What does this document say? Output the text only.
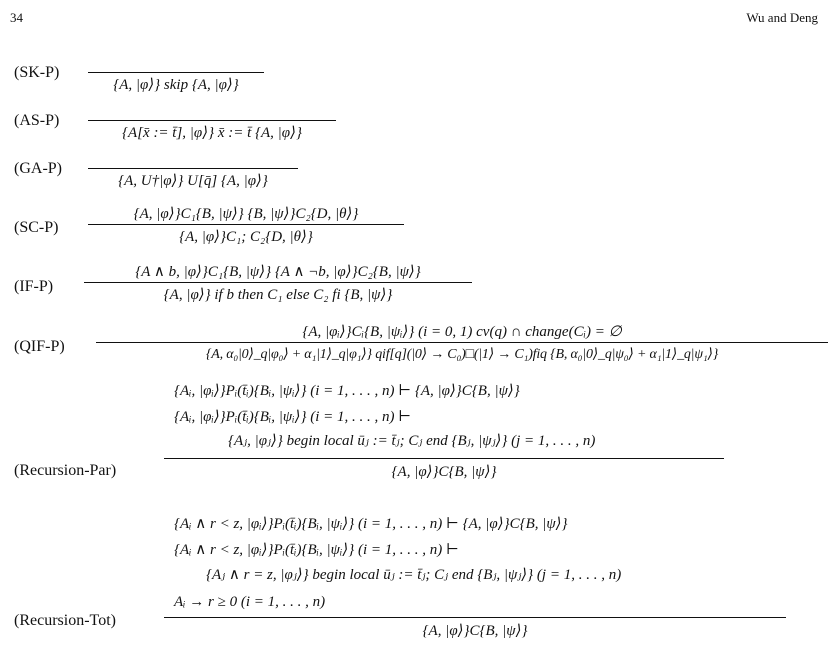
34	Wu and Deng
(SK-P)
{A, |φ⟩} skip {A, |φ⟩}
(AS-P)
{A[x̄ := t̄], |φ⟩} x̄ := t̄ {A, |φ⟩}
(GA-P)
{A, U†|φ⟩} U[q̄] {A, |φ⟩}
(SC-P)
{A, |φ⟩}C₁{B, |ψ⟩} {B, |ψ⟩}C₂{D, |θ⟩}
{A, |φ⟩}C₁; C₂{D, |θ⟩}
(IF-P)
{A ∧ b, |φ⟩}C₁{B, |ψ⟩} {A ∧ ¬b, |φ⟩}C₂{B, |ψ⟩}
{A, |φ⟩} if b then C₁ else C₂ fi {B, |ψ⟩}
(QIF-P)
{A, |φᵢ⟩}Cᵢ{B, |ψᵢ⟩} (i = 0, 1) cv(q) ∩ change(Cᵢ) = ∅
{A, α₀|0⟩_q|φ₀⟩ + α₁|1⟩_q|φ₁⟩} qif[q](|0⟩ → C₀)□(|1⟩ → C₁)fiq {B, α₀|0⟩_q|ψ₀⟩ + α₁|1⟩_q|ψ₁⟩}
(Recursion-Par)
{Aᵢ, |φᵢ⟩}Pᵢ(t̄ᵢ){Bᵢ, |ψᵢ⟩} (i = 1, . . . , n) ⊢ {A, |φ⟩}C{B, |ψ⟩}
{Aᵢ, |φᵢ⟩}Pᵢ(t̄ᵢ){Bᵢ, |ψᵢ⟩} (i = 1, . . . , n) ⊢
{Aⱼ, |φⱼ⟩} begin local ūⱼ := t̄ⱼ; Cⱼ end {Bⱼ, |ψⱼ⟩} (j = 1, . . . , n)
{A, |φ⟩}C{B, |ψ⟩}
(Recursion-Tot)
{Aᵢ ∧ r < z, |φᵢ⟩}Pᵢ(t̄ᵢ){Bᵢ, |ψᵢ⟩} (i = 1, . . . , n) ⊢ {A, |φ⟩}C{B, |ψ⟩}
{Aᵢ ∧ r < z, |φᵢ⟩}Pᵢ(t̄ᵢ){Bᵢ, |ψᵢ⟩} (i = 1, . . . , n) ⊢
{Aⱼ ∧ r = z, |φⱼ⟩} begin local ūⱼ := t̄ⱼ; Cⱼ end {Bⱼ, |ψⱼ⟩} (j = 1, . . . , n)
Aᵢ → r ≥ 0 (i = 1, . . . , n)
{A, |φ⟩}C{B, |ψ⟩}
